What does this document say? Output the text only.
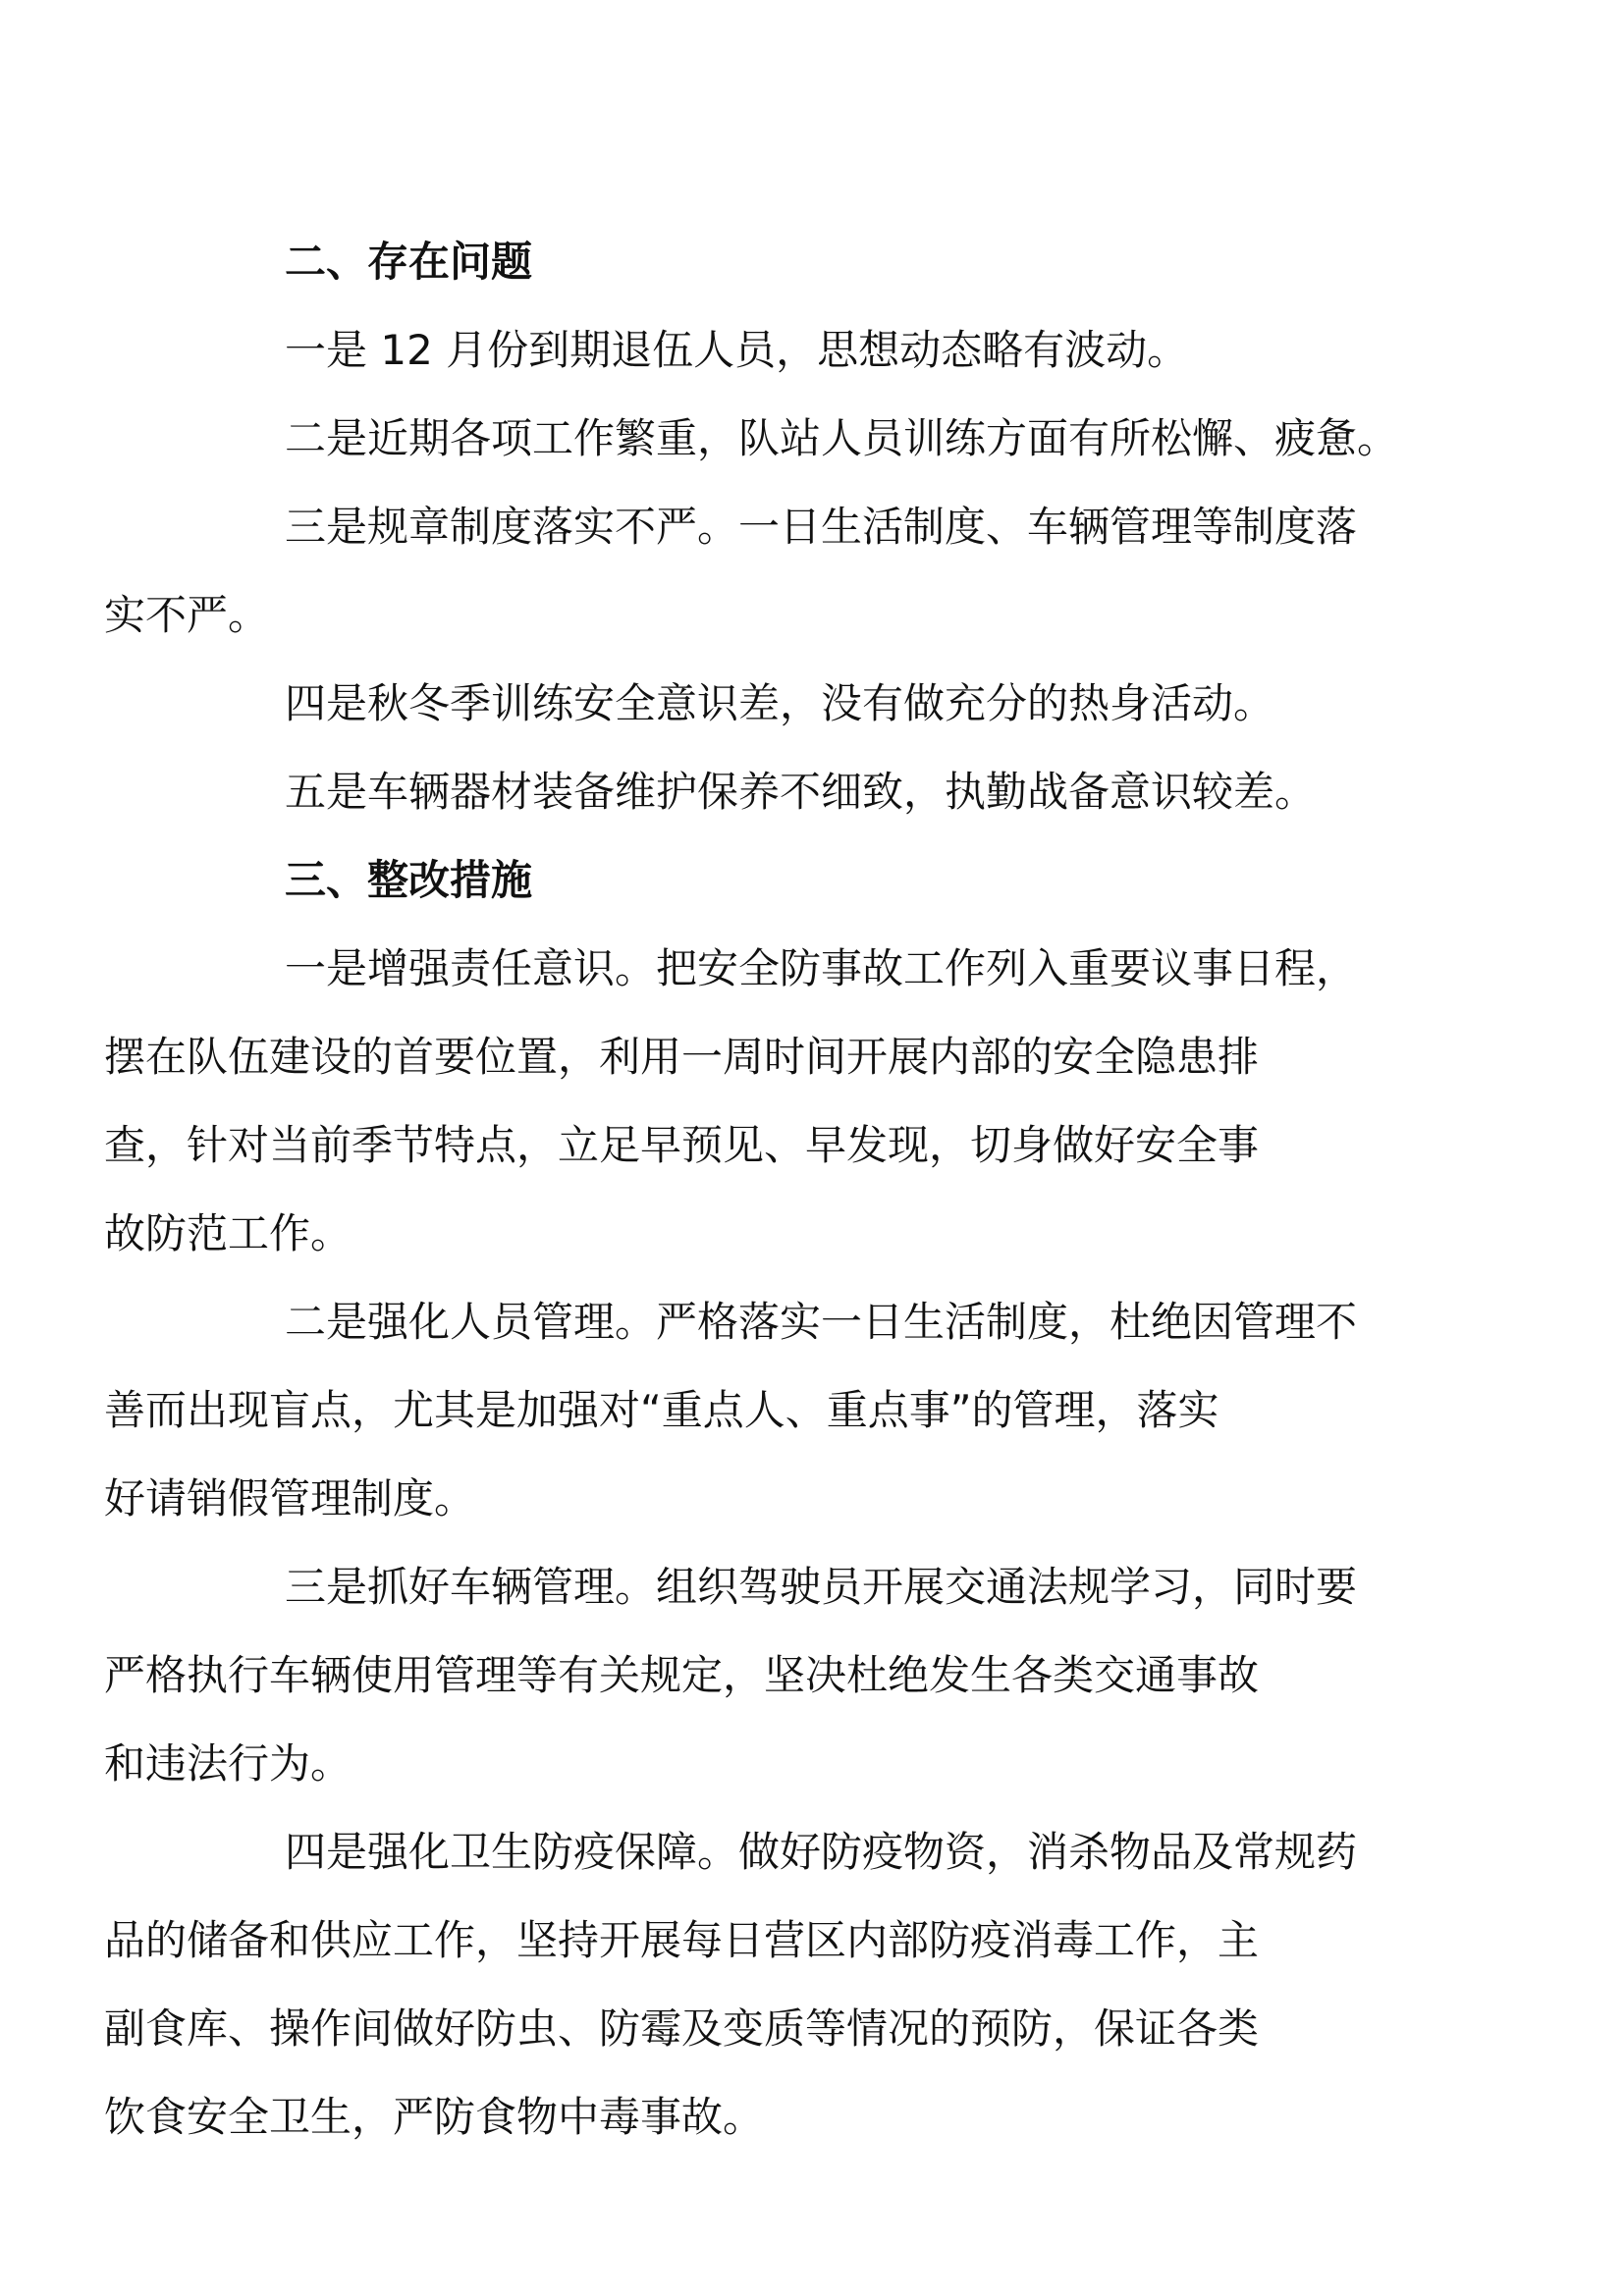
二、存在问题

一是 12 月份到期退伍人员，思想动态略有波动。

二是近期各项工作繁重，队站人员训练方面有所松懈、疲惫。

三是规章制度落实不严。一日生活制度、车辆管理等制度落
实不严。

四是秋冬季训练安全意识差，没有做充分的热身活动。

五是车辆器材装备维护保养不细致，执勤战备意识较差。

三、整改措施

一是增强责任意识。把安全防事故工作列入重要议事日程，
摆在队伍建设的首要位置，利用一周时间开展内部的安全隐患排
查，针对当前季节特点，立足早预见、早发现，切身做好安全事
故防范工作。

二是强化人员管理。严格落实一日生活制度，杜绝因管理不
善而出现盲点，尤其是加强对“重点人、重点事”的管理，落实
好请销假管理制度。

三是抓好车辆管理。组织驾驶员开展交通法规学习，同时要
严格执行车辆使用管理等有关规定，坚决杜绝发生各类交通事故
和违法行为。

四是强化卫生防疫保障。做好防疫物资，消杀物品及常规药
品的储备和供应工作，坚持开展每日营区内部防疫消毒工作，主
副食库、操作间做好防虫、防霉及变质等情况的预防，保证各类
饮食安全卫生，严防食物中毒事故。
